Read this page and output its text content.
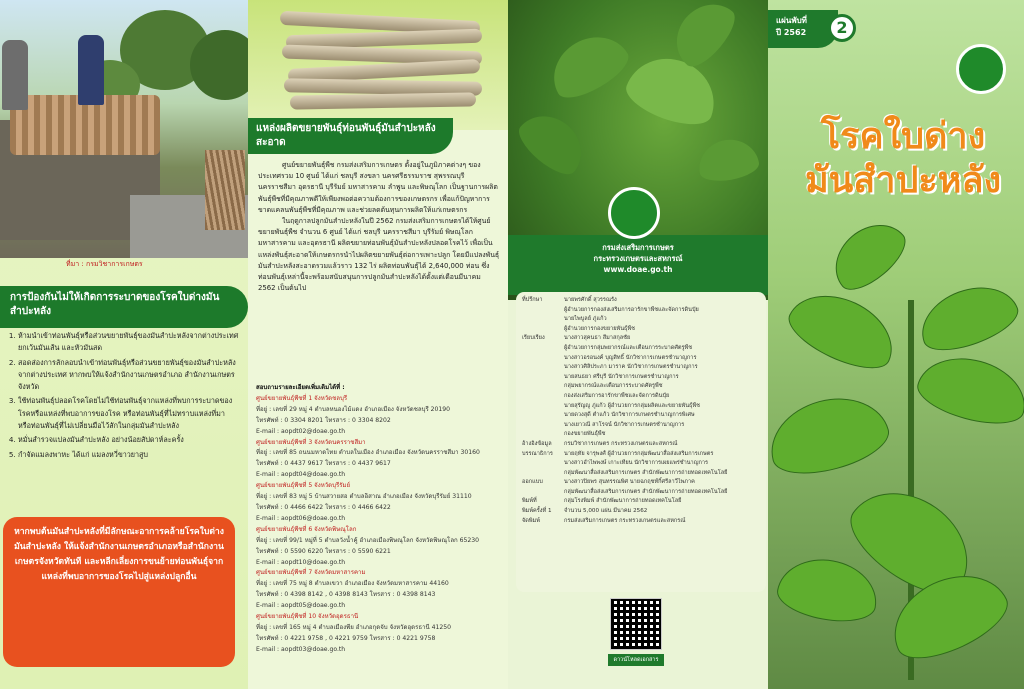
ที่มา : กรมวิชาการเกษตร
การป้องกันไม่ให้เกิดการระบาดของโรคใบด่างมันสำปะหลัง
1. ห้ามนำเข้าท่อนพันธุ์หรือส่วนขยายพันธุ์ของมันสำปะหลังจากต่างประเทศ ยกเว้นมันเส้น และหัวมันสด
2. สอดส่องการลักลอบนำเข้าท่อนพันธุ์หรือส่วนขยายพันธุ์ของมันสำปะหลังจากต่างประเทศ หากพบให้แจ้งสำนักงานเกษตรอำเภอ สำนักงานเกษตรจังหวัด
3. ใช้ท่อนพันธุ์ปลอดโรคโดยไม่ใช้ท่อนพันธุ์จากแหล่งที่พบการระบาดของโรคหรือแหล่งที่พบอาการของโรค หรือท่อนพันธุ์ที่ไม่ทราบแหล่งที่มา หรือท่อนพันธุ์ที่ไม่เปลี่ยนมือไว้สักในกลุ่มมันสำปะหลัง
4. หมั่นสำรวจแปลงมันสำปะหลัง อย่างน้อยสัปดาห์ละครั้ง
5. กำจัดแมลงพาหะ ได้แก่ แมลงหวี่ขาวยาสูบ
หากพบต้นมันสำปะหลังที่มีลักษณะอาการคล้ายโรคใบด่างมันสำปะหลัง ให้แจ้งสำนักงานเกษตรอำเภอหรือสำนักงานเกษตรจังหวัดทันที และหลีกเลี่ยงการขนย้ายท่อนพันธุ์จากแหล่งที่พบอาการของโรคไปสู่แหล่งปลูกอื่น
แหล่งผลิตขยายพันธุ์ท่อนพันธุ์มันสำปะหลังสะอาด

ศูนย์ขยายพันธุ์พืช กรมส่งเสริมการเกษตร ตั้งอยู่ในภูมิภาคต่างๆ ของประเทศรวม 10 ศูนย์ ได้แก่ ชลบุรี สงขลา นครศรีธรรมราช สุพรรณบุรี นครราชสีมา อุดรธานี บุรีรัมย์ มหาสารคาม ลำพูน และพิษณุโลก เป็นฐานการผลิตพันธุ์พืชที่มีคุณภาพดีให้เพียงพอต่อความต้องการของเกษตรกร เพื่อแก้ปัญหาการขาดแคลนพันธุ์พืชที่มีคุณภาพ และช่วยลดต้นทุนการผลิตให้แก่เกษตรกร

ในฤดูกาลปลูกมันสำปะหลังในปี 2562 กรมส่งเสริมการเกษตรได้ให้ศูนย์ขยายพันธุ์พืช จำนวน 6 ศูนย์ ได้แก่ ชลบุรี นครราชสีมา บุรีรัมย์ พิษณุโลก มหาสารคาม และอุดรธานี ผลิตขยายท่อนพันธุ์มันสำปะหลังปลอดโรคไว้ เพื่อเป็นแหล่งพันธุ์สะอาดให้เกษตรกรนำไปผลิตขยายพันธุ์ต่อการเพาะปลูก โดยมีแปลงพันธุ์มันสำปะหลังสะอาดรวมแล้วราว 132 ไร่ ผลิตท่อนพันธุ์ได้ 2,640,000 ท่อน ซึ่งท่อนพันธุ์เหล่านี้จะพร้อมสนับสนุนการปลูกมันสำปะหลังได้ตั้งแต่เดือนมีนาคม 2562 เป็นต้นไป

สอบถามรายละเอียดเพิ่มเติมได้ที่ :
ศูนย์ขยายพันธุ์พืชที่ 1 จังหวัดชลบุรี
ที่อยู่ : เลขที่ 29 หมู่ 4 ตำบลหนองไม้แดง อำเภอเมือง จังหวัดชลบุรี 20190
โทรศัพท์ : 0 3304 8201 โทรสาร : 0 3304 8202
E-mail : aopdt02@doae.go.th
ศูนย์ขยายพันธุ์พืชที่ 3 จังหวัดนครราชสีมา
ที่อยู่ : เลขที่ 85 ถนนมหาดไทย ตำบลในเมือง อำเภอเมือง จังหวัดนครราชสีมา 30160
โทรศัพท์ : 0 4437 9617 โทรสาร : 0 4437 9617
E-mail : aopdt04@doae.go.th
ศูนย์ขยายพันธุ์พืชที่ 5 จังหวัดบุรีรัมย์
ที่อยู่ : เลขที่ 83 หมู่ 5 บ้านสวายสอ ตำบลอิสาณ อำเภอเมือง จังหวัดบุรีรัมย์ 31110
โทรศัพท์ : 0 4466 6422 โทรสาร : 0 4466 6422
E-mail : aopdt06@doae.go.th
ศูนย์ขยายพันธุ์พืชที่ 6 จังหวัดพิษณุโลก
ที่อยู่ : เลขที่ 99/1 หมู่ที่ 5 ตำบลวังน้ำคู้ อำเภอเมืองพิษณุโลก จังหวัดพิษณุโลก 65230
โทรศัพท์ : 0 5590 6220 โทรสาร : 0 5590 6221
E-mail : aopdt10@doae.go.th
ศูนย์ขยายพันธุ์พืชที่ 7 จังหวัดมหาสารคาม
ที่อยู่ : เลขที่ 75 หมู่ 8 ตำบลเขวา อำเภอเมือง จังหวัดมหาสารคาม 44160
โทรศัพท์ : 0 4398 8142 , 0 4398 8143 โทรสาร : 0 4398 8143
E-mail : aopdt05@doae.go.th
ศูนย์ขยายพันธุ์พืชที่ 10 จังหวัดอุดรธานี
ที่อยู่ : เลขที่ 165 หมู่ 4 ตำบลเมืองพีย อำเภอกุดจับ จังหวัดอุดรธานี 41250
โทรศัพท์ : 0 4221 9758 , 0 4221 9759 โทรสาร : 0 4221 9758
E-mail : aopdt03@doae.go.th
กรมส่งเสริมการเกษตร
กระทรวงเกษตรและสหกรณ์
www.doae.go.th
ที่ปรึกษา	นายพรศักดิ์ สุวรรณรัง
ผู้อำนวยการกองส่งเสริมการอารักขาพืชและจัดการดินปุ๋ย
นายไพบูลย์ ภู่แก้ว
ผู้อำนวยการกองขยายพันธุ์พืช
เรียบเรียง	นางสาวสุคนธา สีมาสกุลชัย
ผู้อำนวยการกลุ่มพยากรณ์และเตือนการระบาดศัตรูพืช
นางสาวอรอนงค์ บุญสิทธิ์ นักวิชาการเกษตรชำนาญการ
นางสาวศิลิประภา มาราค นักวิชาการเกษตรชำนาญการ
นายสนธยา ศรีบุรี นักวิชาการเกษตรชำนาญการ
กลุ่มพยากรณ์และเตือนการระบาดศัตรูพืช
กองส่งเสริมการอารักขาพืชและจัดการดินปุ๋ย
นายสุรัญญู ภู่แก้ว ผู้อำนวยการกลุ่มผลิตและขยายพันธุ์พืช
นายดวงสุดี ตำแก้ว นักวิชาการเกษตรชำนาญการพิเศษ
นางเยาวณี สาโรจน์ นักวิชาการเกษตรชำนาญการ
กองขยายพันธุ์พืช
อ้างอิงข้อมูล	กรมวิชาการเกษตร กระทรวงเกษตรและสหกรณ์
บรรณาธิการ	นายฤทัย จารุพงศ์ ผู้อำนวยการกลุ่มพัฒนาสื่อส่งเสริมการเกษตร
นางสาวอำไพพงษ์ เกาะเทียน นักวิชาการเผยแพร่ชำนาญการ
กลุ่มพัฒนาสื่อส่งเสริมการเกษตร สำนักพัฒนาการถ่ายทอดเทคโนโลยี
ออกแบบ	นางสาวปิยพร สุนทรรณพิศ นายฉกฤชท์กิ์ศรีลาวีไพภาค
กลุ่มพัฒนาสื่อส่งเสริมการเกษตร สำนักพัฒนาการถ่ายทอดเทคโนโลยี
พิมพ์ที่	กลุ่มโรงพิมพ์ สำนักพัฒนาการถ่ายทอดเทคโนโลยี
พิมพ์ครั้งที่ 1	จำนวน 5,000 แผ่น มีนาคม 2562
จัดพิมพ์	กรมส่งเสริมการเกษตร กระทรวงเกษตรและสหกรณ์
ดาวน์โหลดเอกสาร
แผ่นพับที่
ปี 2562	2
โรคใบด่าง
มันสำปะหลัง
